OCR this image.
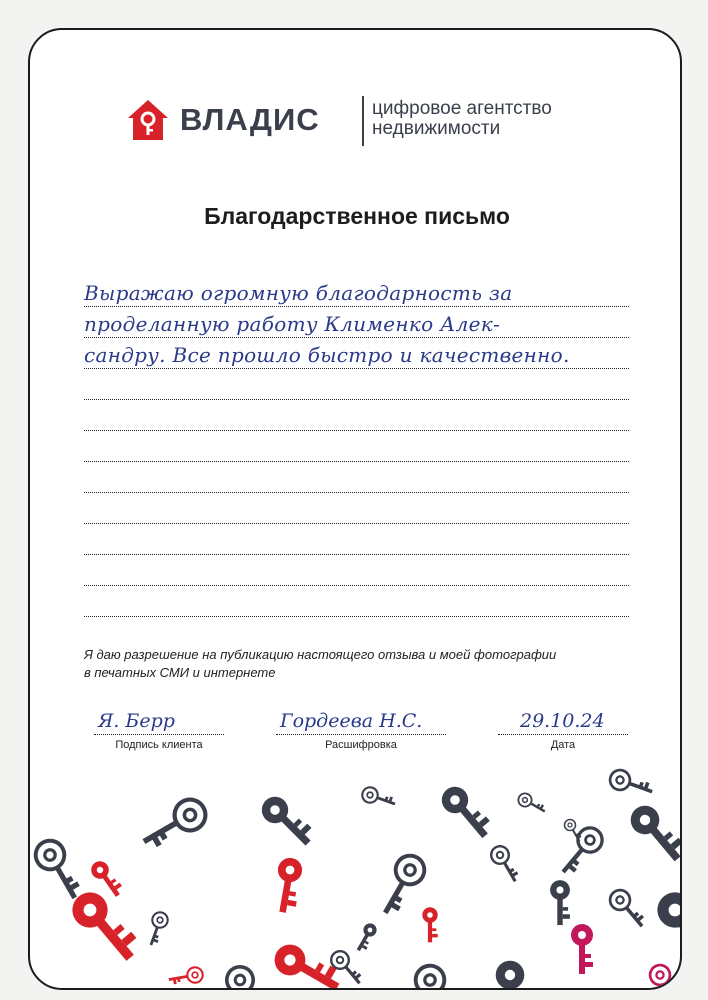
ВЛАДИС	цифровое агентство
недвижимости
Благодарственное письмо
Выражаю огромную благодарность за
проделанную работу Клименко Алек-
сандру. Все прошло быстро и качественно.
Я даю разрешение на публикацию настоящего отзыва и моей фотографии
в печатных СМИ и интернете
Я. Берр
Подпись клиента
Гордеева Н.С.
Расшифровка
29.10.24
Дата
